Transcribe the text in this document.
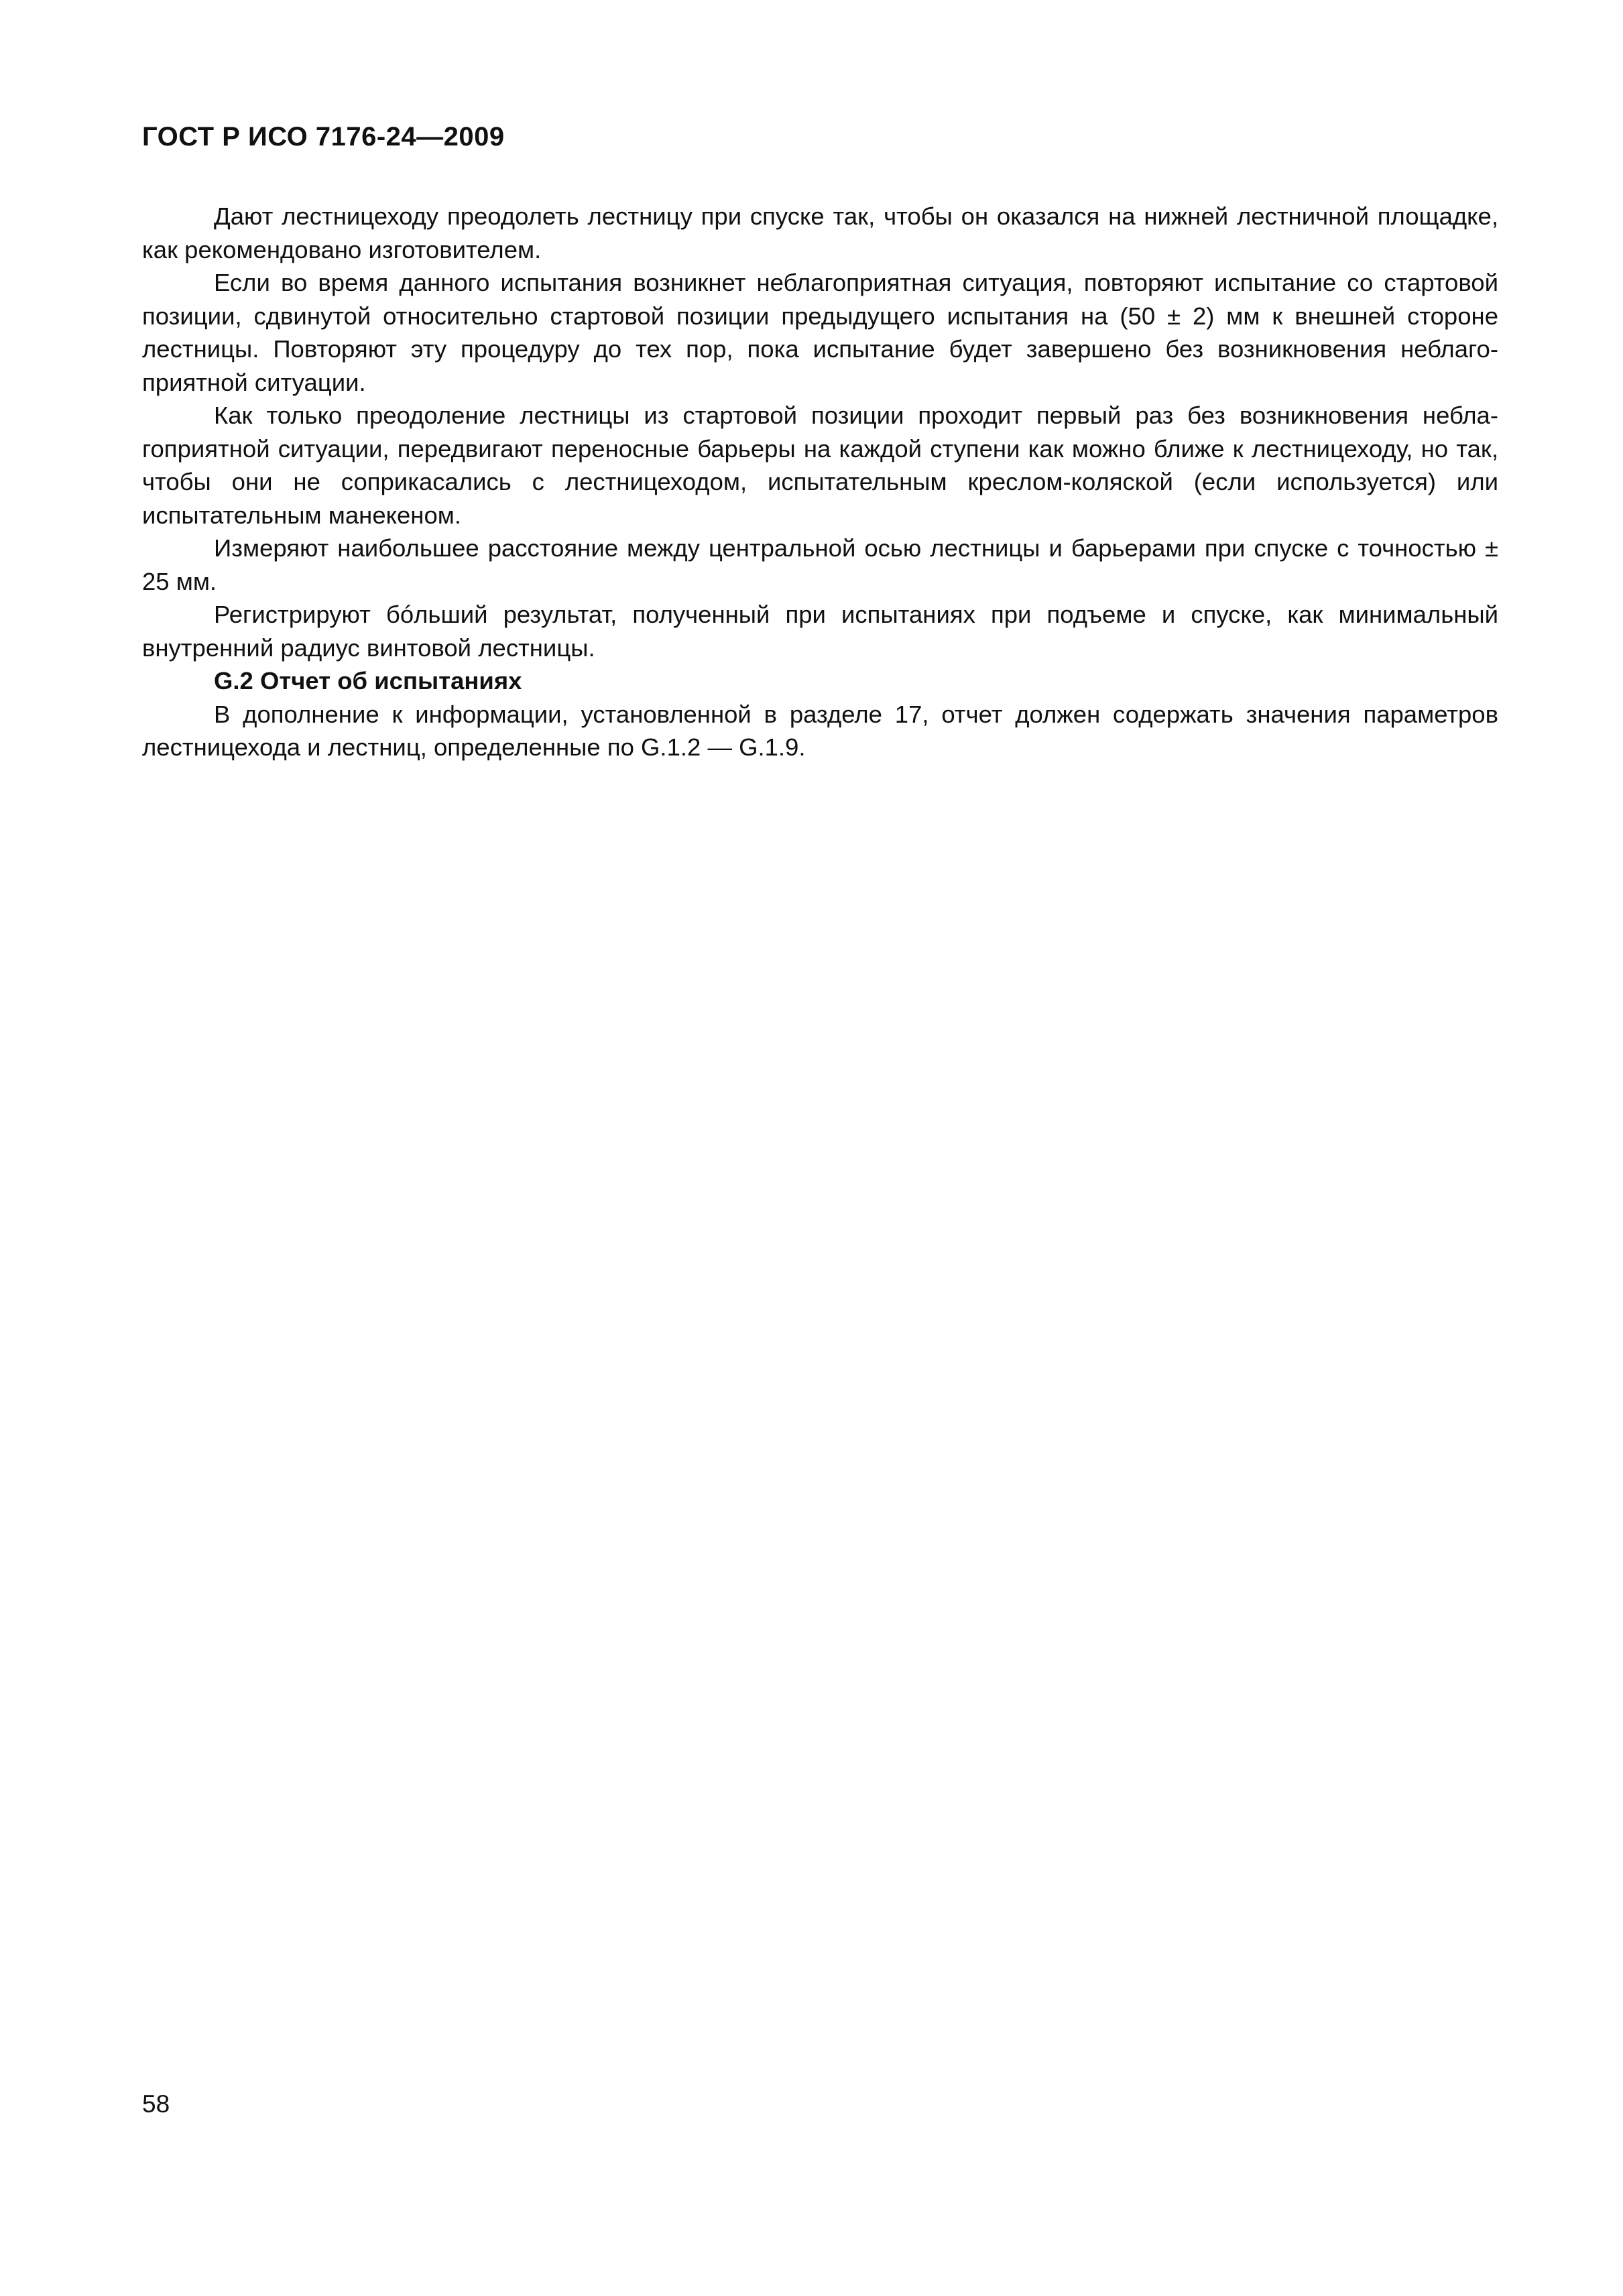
ГОСТ Р ИСО 7176-24—2009

Дают лестницеходу преодолеть лестницу при спуске так, чтобы он оказался на нижней лестничной площадке, как рекомендовано изготовителем.

Если во время данного испытания возникнет неблагоприятная ситуация, повторяют испытание со стартовой позиции, сдвинутой относительно стартовой позиции предыдущего испытания на (50 ± 2) мм к внешней стороне лестницы. Повторяют эту процедуру до тех пор, пока испытание будет завершено без возникновения неблагоприятной ситуации.

Как только преодоление лестницы из стартовой позиции проходит первый раз без возникновения неблагоприятной ситуации, передвигают переносные барьеры на каждой ступени как можно ближе к лестницеходу, но так, чтобы они не соприкасались с лестницеходом, испытательным креслом-коляской (если используется) или испытательным манекеном.

Измеряют наибольшее расстояние между центральной осью лестницы и барьерами при спуске с точностью ± 25 мм.

Регистрируют бóльший результат, полученный при испытаниях при подъеме и спуске, как минимальный внутренний радиус винтовой лестницы.

G.2 Отчет об испытаниях

В дополнение к информации, установленной в разделе 17, отчет должен содержать значения параметров лестницехода и лестниц, определенные по G.1.2 — G.1.9.

58
